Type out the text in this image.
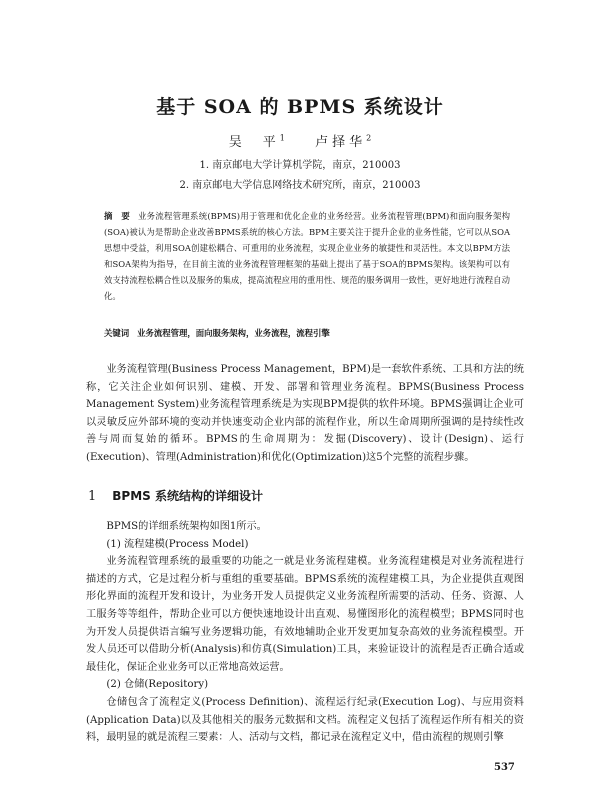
基于 SOA 的 BPMS 系统设计
吴　平$^1$ 卢择华$^2$
1. 南京邮电大学计算机学院，南京，210003
2. 南京邮电大学信息网络技术研究所，南京，210003
摘　要 业务流程管理系统(BPMS)用于管理和优化企业的业务经营。业务流程管理(BPM)和面向服务架构(SOA)被认为是帮助企业改善BPMS系统的核心方法。BPM主要关注于提升企业的业务性能，它可以从SOA思想中受益，利用SOA创建松耦合、可重用的业务流程，实现企业业务的敏捷性和灵活性。本文以BPM方法和SOA架构为指导，在目前主流的业务流程管理框架的基础上提出了基于SOA的BPMS架构。该架构可以有效支持流程松耦合性以及服务的集成，提高流程应用的重用性、规范的服务调用一致性，更好地进行流程自动化。
关键词 业务流程管理，面向服务架构，业务流程，流程引擎
业务流程管理(Business Process Management，BPM)是一套软件系统、工具和方法的统称，它关注企业如何识别、建模、开发、部署和管理业务流程。BPMS(Business Process Management System)业务流程管理系统是为实现BPM提供的软件环境。BPMS强调让企业可以灵敏反应外部环境的变动并快速变动企业内部的流程作业，所以生命周期所强调的是持续性改善与周而复始的循环。BPMS的生命周期为：发掘(Discovery)、设计(Design)、运行(Execution)、管理(Administration)和优化(Optimization)这5个完整的流程步骤。
1 BPMS 系统结构的详细设计
BPMS的详细系统架构如图1所示。
(1) 流程建模(Process Model)
业务流程管理系统的最重要的功能之一就是业务流程建模。业务流程建模是对业务流程进行描述的方式，它是过程分析与重组的重要基础。BPMS系统的流程建模工具，为企业提供直观图形化界面的流程开发和设计，为业务开发人员提供定义业务流程所需要的活动、任务、资源、人工服务等等组件，帮助企业可以方便快速地设计出直观、易懂图形化的流程模型；BPMS同时也为开发人员提供语言编写业务逻辑功能，有效地辅助企业开发更加复杂高效的业务流程模型。开发人员还可以借助分析(Analysis)和仿真(Simulation)工具，来验证设计的流程是否正确合适或最佳化，保证企业业务可以正常地高效运营。
(2) 仓储(Repository)
仓储包含了流程定义(Process Definition)、流程运行纪录(Execution Log)、与应用资料(Application Data)以及其他相关的服务元数据和文档。流程定义包括了流程运作所有相关的资料，最明显的就是流程三要素：人、活动与文档，都记录在流程定义中，借由流程的规则引擎
537
